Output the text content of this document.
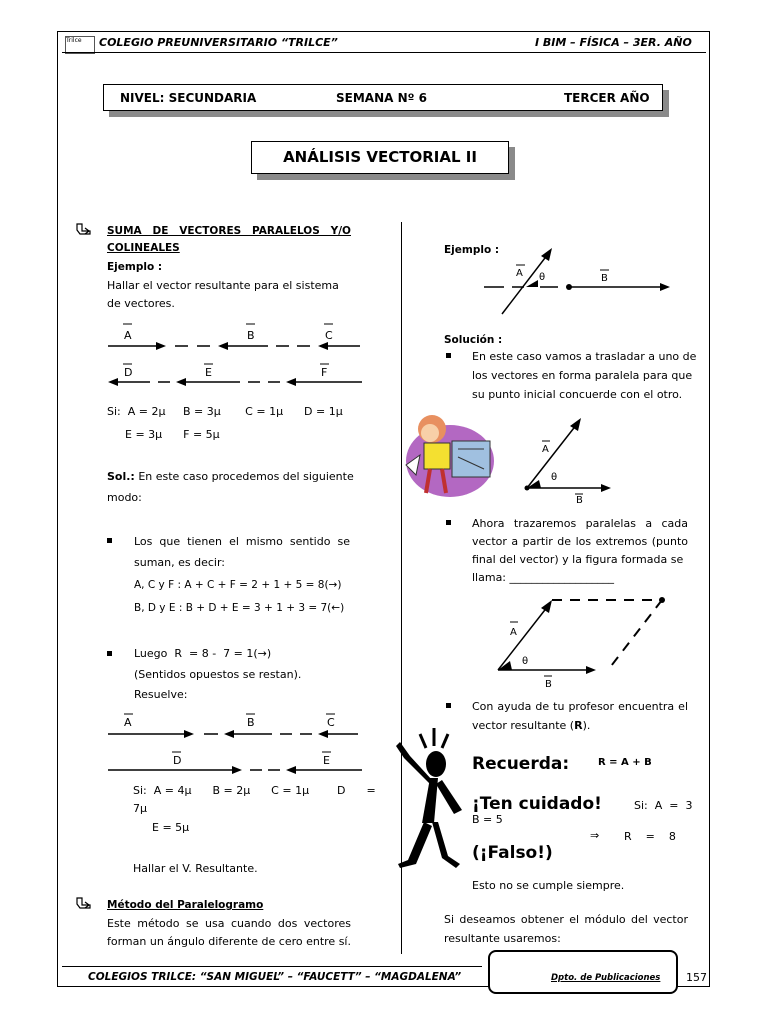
Trilce	COLEGIO PREUNIVERSITARIO “TRILCE”	I BIM – FÍSICA – 3ER. AÑO
NIVEL: SECUNDARIA	SEMANA Nº 6	TERCER AÑO
ANÁLISIS VECTORIAL II
SUMA DE VECTORES PARALELOS Y/O
COLINEALES
Ejemplo :
Hallar el vector resultante para el sistema
de vectores.
A	B	C
D	E	F
Si:  A = 2μ     B = 3μ       C = 1μ      D = 1μ
E = 3μ      F = 5μ
Sol.: En este caso procedemos del siguiente
modo:
Los que tienen el mismo sentido se
suman, es decir:
A, C y F : A + C + F = 2 + 1 + 5 = 8(→)
B, D y E : B + D + E = 3 + 1 + 3 = 7(←)
Luego  R  = 8 -  7 = 1(→)
(Sentidos opuestos se restan).
Resuelve:
A	B	C
D	E
Si:  A = 4μ      B = 2μ      C = 1μ        D      =
7μ
E = 5μ
Hallar el V. Resultante.
Método del Paralelogramo
Este método se usa cuando dos vectores
forman un ángulo diferente de cero entre sí.
Ejemplo :
A θ	B
Solución :
En este caso vamos a trasladar a uno de
los vectores en forma paralela para que
su punto inicial concuerde con el otro.
A
θ
B
Ahora trazaremos paralelas a cada
vector a partir de los extremos (punto
final del vector) y la figura formada se
llama: ___________________
A
θ
B
Con ayuda de tu profesor encuentra el
vector resultante (R).
Recuerda:	R = A + B
¡Ten cuidado!	Si:  A  =  3
B = 5
⇒ R    =    8
(¡Falso!)
Esto no se cumple siempre.
Si deseamos obtener el módulo del vector
resultante usaremos:
COLEGIOS TRILCE: “SAN MIGUEL” – “FAUCETT” – “MAGDALENA”	Dpto. de Publicaciones 157
